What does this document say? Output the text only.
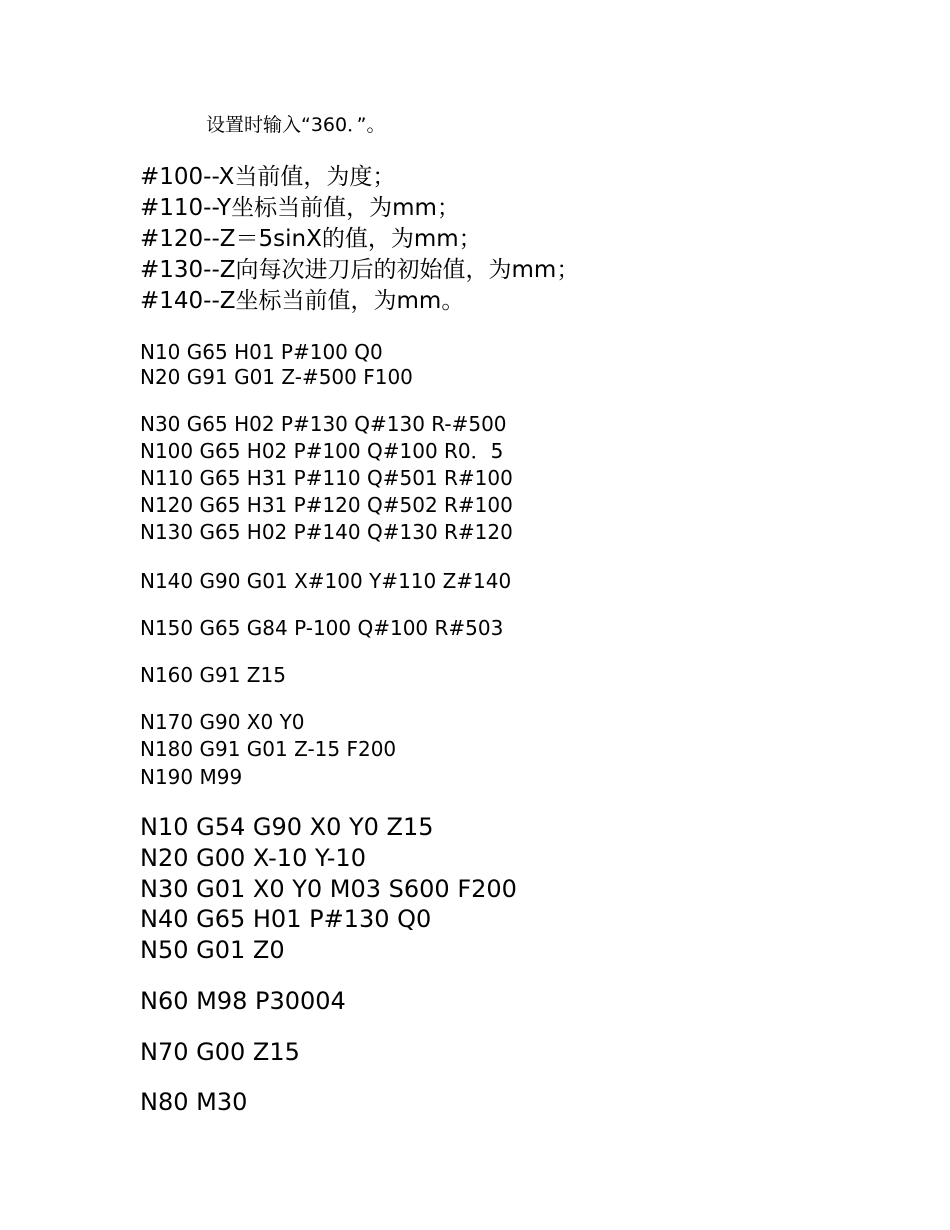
设置时输入“360．”。
#100--X当前值，为度；
#110--Y坐标当前值，为mm；
#120--Z＝5sinX的值，为mm；
#130--Z向每次进刀后的初始值，为mm；
#140--Z坐标当前值，为mm。
N10 G65 H01 P#100 Q0
N20 G91 G01 Z-#500 F100
N30 G65 H02 P#130 Q#130 R-#500
N100 G65 H02 P#100 Q#100 R0．5
N110 G65 H31 P#110 Q#501 R#100
N120 G65 H31 P#120 Q#502 R#100
N130 G65 H02 P#140 Q#130 R#120
N140 G90 G01 X#100 Y#110 Z#140
N150 G65 G84 P-100 Q#100 R#503
N160 G91 Z15
N170 G90 X0 Y0
N180 G91 G01 Z-15 F200
N190 M99
N10 G54 G90 X0 Y0 Z15
N20 G00 X-10 Y-10
N30 G01 X0 Y0 M03 S600 F200
N40 G65 H01 P#130 Q0
N50 G01 Z0
N60 M98 P30004
N70 G00 Z15
N80 M30
